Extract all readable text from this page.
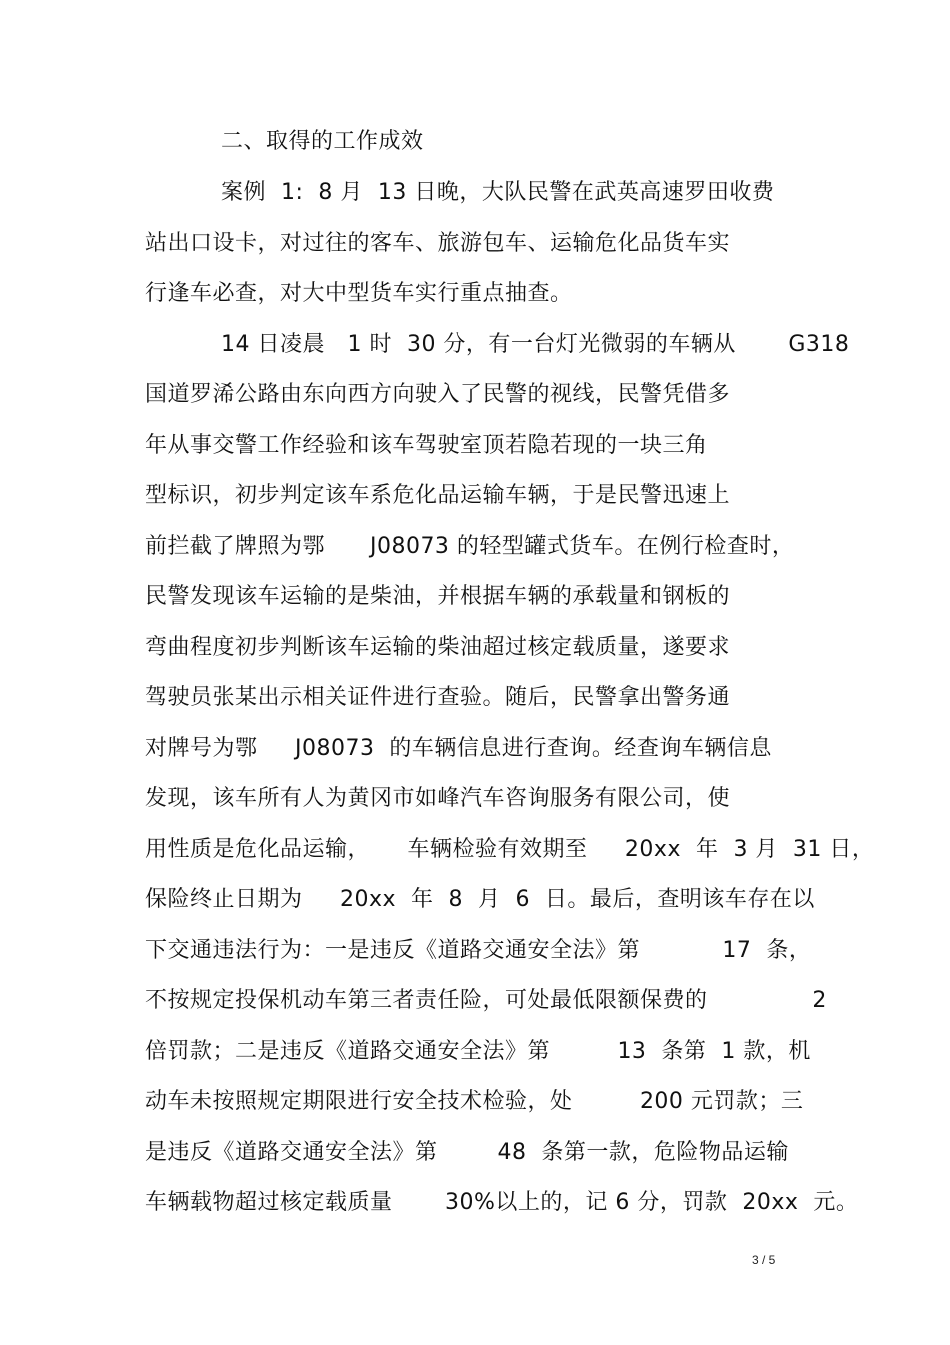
二、取得的工作成效
案例  1:  8 月  13 日晚，大队民警在武英高速罗田收费
站出口设卡，对过往的客车、旅游包车、运输危化品货车实
行逢车必查，对大中型货车实行重点抽查。
14 日凌晨   1 时  30 分，有一台灯光微弱的车辆从       G318
国道罗浠公路由东向西方向驶入了民警的视线，民警凭借多
年从事交警工作经验和该车驾驶室顶若隐若现的一块三角
型标识，初步判定该车系危化品运输车辆，于是民警迅速上
前拦截了牌照为鄂      J08073 的轻型罐式货车。在例行检查时，
民警发现该车运输的是柴油，并根据车辆的承载量和钢板的
弯曲程度初步判断该车运输的柴油超过核定载质量，遂要求
驾驶员张某出示相关证件进行查验。随后，民警拿出警务通
对牌号为鄂     J08073  的车辆信息进行查询。经查询车辆信息
发现，该车所有人为黄冈市如峰汽车咨询服务有限公司，使
用性质是危化品运输，     车辆检验有效期至     20xx  年  3 月  31 日，
保险终止日期为     20xx  年  8  月  6  日。最后，查明该车存在以
下交通违法行为：一是违反《道路交通安全法》第           17  条，
不按规定投保机动车第三者责任险，可处最低限额保费的              2
倍罚款；二是违反《道路交通安全法》第         13  条第  1 款，机
动车未按照规定期限进行安全技术检验，处         200 元罚款；三
是违反《道路交通安全法》第        48  条第一款，危险物品运输
车辆载物超过核定载质量       30%以上的，记 6 分，罚款  20xx  元。
3 / 5
